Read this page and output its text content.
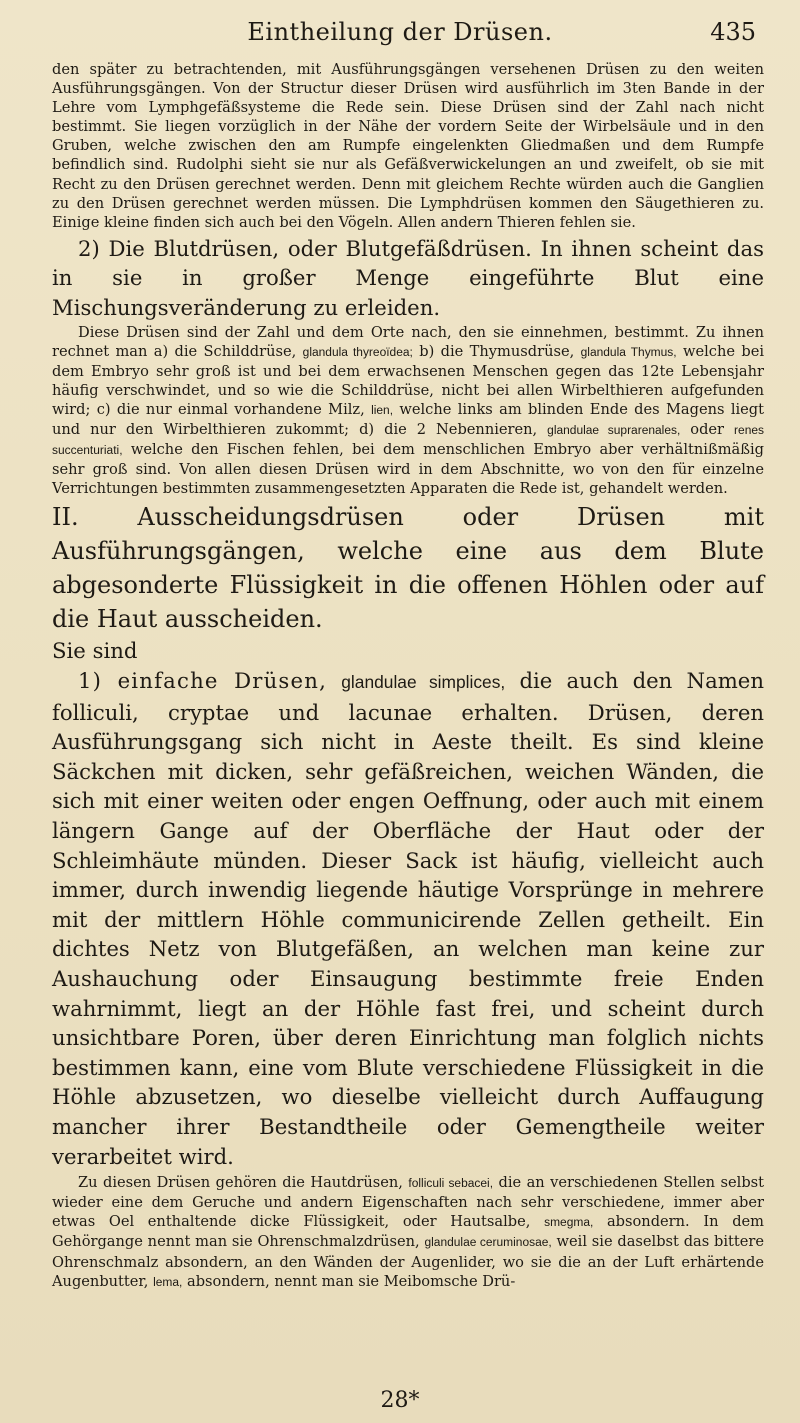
Eintheilung der Drüsen.	435

den später zu betrachtenden, mit Ausführungsgängen versehenen Drüsen zu den weiten Ausführungsgängen. Von der Structur dieser Drüsen wird ausführlich im 3ten Bande in der Lehre vom Lymphgefäßsysteme die Rede sein. Diese Drüsen sind der Zahl nach nicht bestimmt. Sie liegen vorzüglich in der Nähe der vordern Seite der Wirbelsäule und in den Gruben, welche zwischen den am Rumpfe eingelenkten Gliedmaßen und dem Rumpfe befindlich sind. Rudolphi sieht sie nur als Gefäßverwickelungen an und zweifelt, ob sie mit Recht zu den Drüsen gerechnet werden. Denn mit gleichem Rechte würden auch die Ganglien zu den Drüsen gerechnet werden müssen. Die Lymphdrüsen kommen den Säugethieren zu. Einige kleine finden sich auch bei den Vögeln. Allen andern Thieren fehlen sie.

2) Die Blutdrüsen, oder Blutgefäßdrüsen. In ihnen scheint das in sie in großer Menge eingeführte Blut eine Mischungsveränderung zu erleiden.

Diese Drüsen sind der Zahl und dem Orte nach, den sie einnehmen, bestimmt. Zu ihnen rechnet man a) die Schilddrüse, glandula thyreoïdea; b) die Thymusdrüse, glandula Thymus, welche bei dem Embryo sehr groß ist und bei dem erwachsenen Menschen gegen das 12te Lebensjahr häufig verschwindet, und so wie die Schilddrüse, nicht bei allen Wirbelthieren aufgefunden wird; c) die nur einmal vorhandene Milz, lien, welche links am blinden Ende des Magens liegt und nur den Wirbelthieren zukommt; d) die 2 Nebennieren, glandulae suprarenales, oder renes succenturiati, welche den Fischen fehlen, bei dem menschlichen Embryo aber verhältnißmäßig sehr groß sind. Von allen diesen Drüsen wird in dem Abschnitte, wo von den für einzelne Verrichtungen bestimmten zusammengesetzten Apparaten die Rede ist, gehandelt werden.

II. Ausscheidungsdrüsen oder Drüsen mit Ausführungsgängen, welche eine aus dem Blute abgesonderte Flüssigkeit in die offenen Höhlen oder auf die Haut ausscheiden.

Sie sind

1) einfache Drüsen, glandulae simplices, die auch den Namen folliculi, cryptae und lacunae erhalten. Drüsen, deren Ausführungsgang sich nicht in Aeste theilt. Es sind kleine Säckchen mit dicken, sehr gefäßreichen, weichen Wänden, die sich mit einer weiten oder engen Oeffnung, oder auch mit einem längern Gange auf der Oberfläche der Haut oder der Schleimhäute münden. Dieser Sack ist häufig, vielleicht auch immer, durch inwendig liegende häutige Vorsprünge in mehrere mit der mittlern Höhle communicirende Zellen getheilt. Ein dichtes Netz von Blutgefäßen, an welchen man keine zur Aushauchung oder Einsaugung bestimmte freie Enden wahrnimmt, liegt an der Höhle fast frei, und scheint durch unsichtbare Poren, über deren Einrichtung man folglich nichts bestimmen kann, eine vom Blute verschiedene Flüssigkeit in die Höhle abzusetzen, wo dieselbe vielleicht durch Auffaugung mancher ihrer Bestandtheile oder Gemengtheile weiter verarbeitet wird.

Zu diesen Drüsen gehören die Hautdrüsen, folliculi sebacei, die an verschiedenen Stellen selbst wieder eine dem Geruche und andern Eigenschaften nach sehr verschiedene, immer aber etwas Oel enthaltende dicke Flüssigkeit, oder Hautsalbe, smegma, absondern. In dem Gehörgange nennt man sie Ohrenschmalzdrüsen, glandulae ceruminosae, weil sie daselbst das bittere Ohrenschmalz absondern, an den Wänden der Augenlider, wo sie die an der Luft erhärtende Augenbutter, lema, absondern, nennt man sie Meibomsche Drü-

28*
